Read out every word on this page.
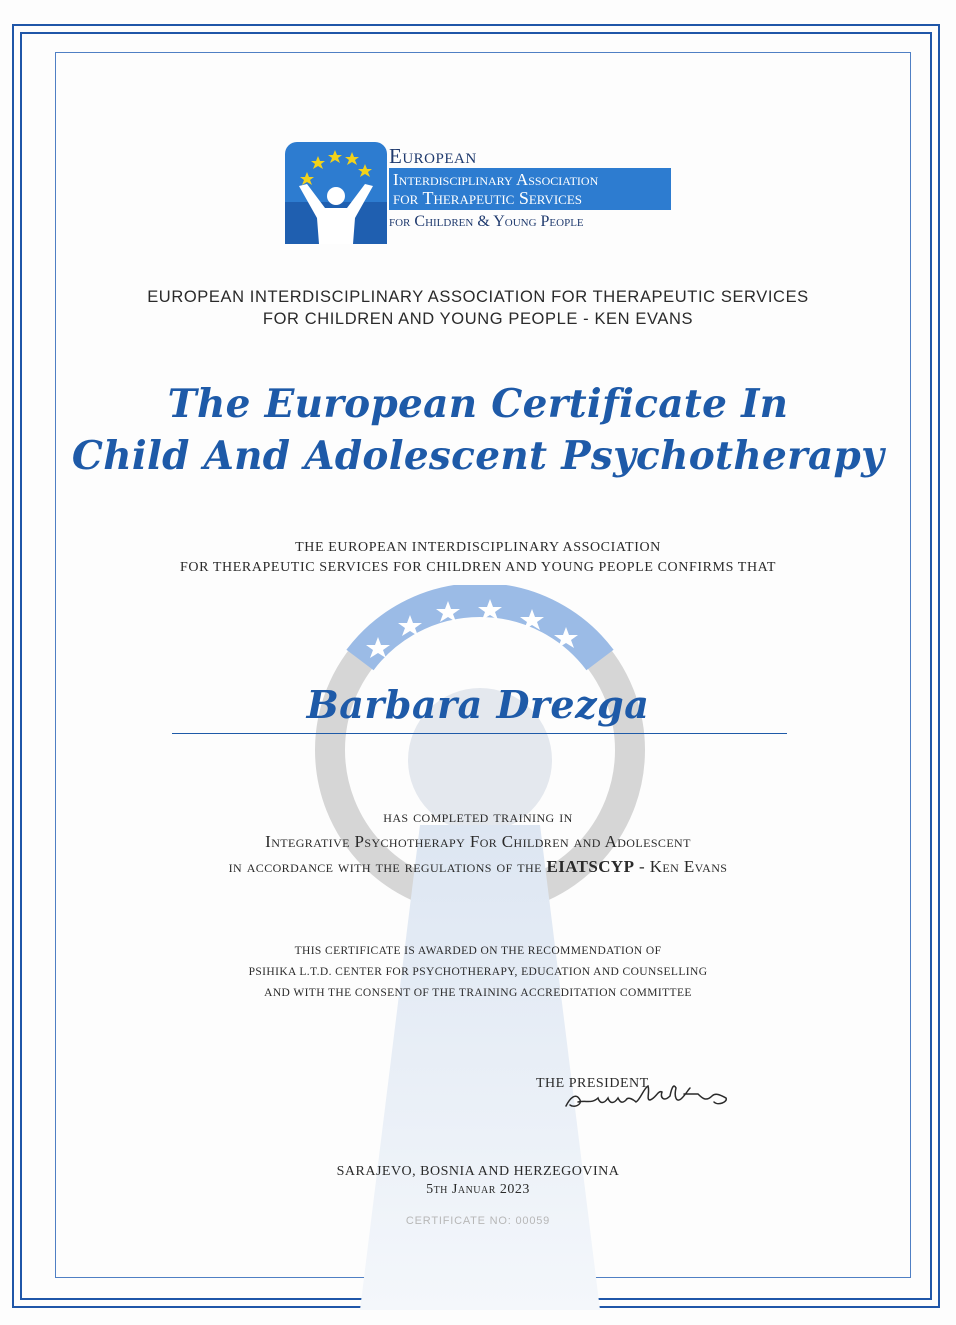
European
Interdisciplinary Association
for Therapeutic Services
for Children & Young People
EUROPEAN INTERDISCIPLINARY ASSOCIATION FOR THERAPEUTIC SERVICES
FOR CHILDREN AND YOUNG PEOPLE - KEN EVANS
The European Certificate In
Child And Adolescent Psychotherapy
THE EUROPEAN INTERDISCIPLINARY ASSOCIATION
FOR THERAPEUTIC SERVICES FOR CHILDREN AND YOUNG PEOPLE CONFIRMS THAT
Barbara Drezga
has completed training in
Integrative Psychotherapy For Children and Adolescent
in accordance with the regulations of the EIATSCYP - Ken Evans
THIS CERTIFICATE IS AWARDED ON THE RECOMMENDATION OF
PSIHIKA L.T.D. CENTER FOR PSYCHOTHERAPY, EDUCATION AND COUNSELLING
AND WITH THE CONSENT OF THE TRAINING ACCREDITATION COMMITTEE
THE PRESIDENT
SARAJEVO, BOSNIA AND HERZEGOVINA
5th Januar 2023
CERTIFICATE NO: 00059
